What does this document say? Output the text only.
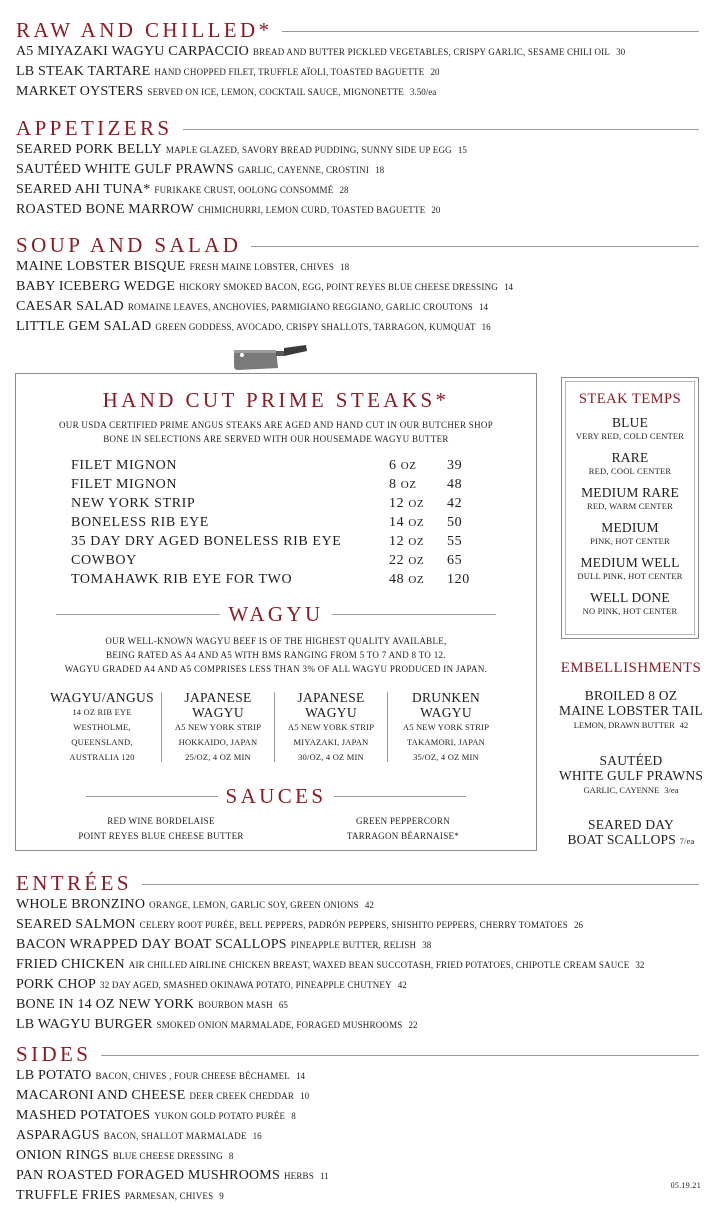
RAW AND CHILLED*
A5 MIYAZAKI WAGYU CARPACCIO BREAD AND BUTTER PICKLED VEGETABLES, CRISPY GARLIC, SESAME CHILI OIL 30
LB STEAK TARTARE HAND CHOPPED FILET, TRUFFLE AÏOLI, TOASTED BAGUETTE 20
MARKET OYSTERS SERVED ON ICE, LEMON, COCKTAIL SAUCE, MIGNONETTE 3.50/ea
APPETIZERS
SEARED PORK BELLY MAPLE GLAZED, SAVORY BREAD PUDDING, SUNNY SIDE UP EGG 15
SAUTÉED WHITE GULF PRAWNS GARLIC, CAYENNE, CROSTINI 18
SEARED AHI TUNA* FURIKAKE CRUST, OOLONG CONSOMMÉ 28
ROASTED BONE MARROW CHIMICHURRI, LEMON CURD, TOASTED BAGUETTE 20
SOUP AND SALAD
MAINE LOBSTER BISQUE FRESH MAINE LOBSTER, CHIVES 18
BABY ICEBERG WEDGE HICKORY SMOKED BACON, EGG, POINT REYES BLUE CHEESE DRESSING 14
CAESAR SALAD ROMAINE LEAVES, ANCHOVIES, PARMIGIANO REGGIANO, GARLIC CROUTONS 14
LITTLE GEM SALAD GREEN GODDESS, AVOCADO, CRISPY SHALLOTS, TARRAGON, KUMQUAT 16
HAND CUT PRIME STEAKS*
OUR USDA CERTIFIED PRIME ANGUS STEAKS ARE AGED AND HAND CUT IN OUR BUTCHER SHOP
BONE IN SELECTIONS ARE SERVED WITH OUR HOUSEMADE WAGYU BUTTER
FILET MIGNON	6 OZ	39
FILET MIGNON	8 OZ	48
NEW YORK STRIP	12 OZ	42
BONELESS RIB EYE	14 OZ	50
35 DAY DRY AGED BONELESS RIB EYE	12 OZ	55
COWBOY	22 OZ	65
TOMAHAWK RIB EYE FOR TWO	48 OZ	120
WAGYU
OUR WELL-KNOWN WAGYU BEEF IS OF THE HIGHEST QUALITY AVAILABLE,
BEING RATED AS A4 AND A5 WITH BMS RANGING FROM 5 TO 7 AND 8 TO 12.
WAGYU GRADED A4 AND A5 COMPRISES LESS THAN 3% OF ALL WAGYU PRODUCED IN JAPAN.
WAGYU/ANGUS
14 OZ RIB EYE
WESTHOLME,
QUEENSLAND,
AUSTRALIA 120
JAPANESE
WAGYU
A5 NEW YORK STRIP
HOKKAIDO, JAPAN
25/OZ, 4 OZ MIN
JAPANESE
WAGYU
A5 NEW YORK STRIP
MIYAZAKI, JAPAN
30/OZ, 4 OZ MIN
DRUNKEN
WAGYU
A5 NEW YORK STRIP
TAKAMORI, JAPAN
35/OZ, 4 OZ MIN
SAUCES
RED WINE BORDELAISE
POINT REYES BLUE CHEESE BUTTER
GREEN PEPPERCORN
TARRAGON BÉARNAISE*
STEAK TEMPS
BLUE
VERY RED, COLD CENTER
RARE
RED, COOL CENTER
MEDIUM RARE
RED, WARM CENTER
MEDIUM
PINK, HOT CENTER
MEDIUM WELL
DULL PINK, HOT CENTER
WELL DONE
NO PINK, HOT CENTER
EMBELLISHMENTS
BROILED 8 OZ
MAINE LOBSTER TAIL
LEMON, DRAWN BUTTER 42
SAUTÉED
WHITE GULF PRAWNS
GARLIC, CAYENNE 3/ea
SEARED DAY
BOAT SCALLOPS 7/ea
ENTRÉES
WHOLE BRONZINO ORANGE, LEMON, GARLIC SOY, GREEN ONIONS 42
SEARED SALMON CELERY ROOT PURÉE, BELL PEPPERS, PADRÓN PEPPERS, SHISHITO PEPPERS, CHERRY TOMATOES 26
BACON WRAPPED DAY BOAT SCALLOPS PINEAPPLE BUTTER, RELISH 38
FRIED CHICKEN AIR CHILLED AIRLINE CHICKEN BREAST, WAXED BEAN SUCCOTASH, FRIED POTATOES, CHIPOTLE CREAM SAUCE 32
PORK CHOP 32 DAY AGED, SMASHED OKINAWA POTATO, PINEAPPLE CHUTNEY 42
BONE IN 14 OZ NEW YORK BOURBON MASH 65
LB WAGYU BURGER SMOKED ONION MARMALADE, FORAGED MUSHROOMS 22
SIDES
LB POTATO BACON, CHIVES , FOUR CHEESE BÉCHAMEL 14
MACARONI AND CHEESE DEER CREEK CHEDDAR 10
MASHED POTATOES YUKON GOLD POTATO PURÉE 8
ASPARAGUS BACON, SHALLOT MARMALADE 16
ONION RINGS BLUE CHEESE DRESSING 8
PAN ROASTED FORAGED MUSHROOMS HERBS 11
TRUFFLE FRIES PARMESAN, CHIVES 9
05.19.21
